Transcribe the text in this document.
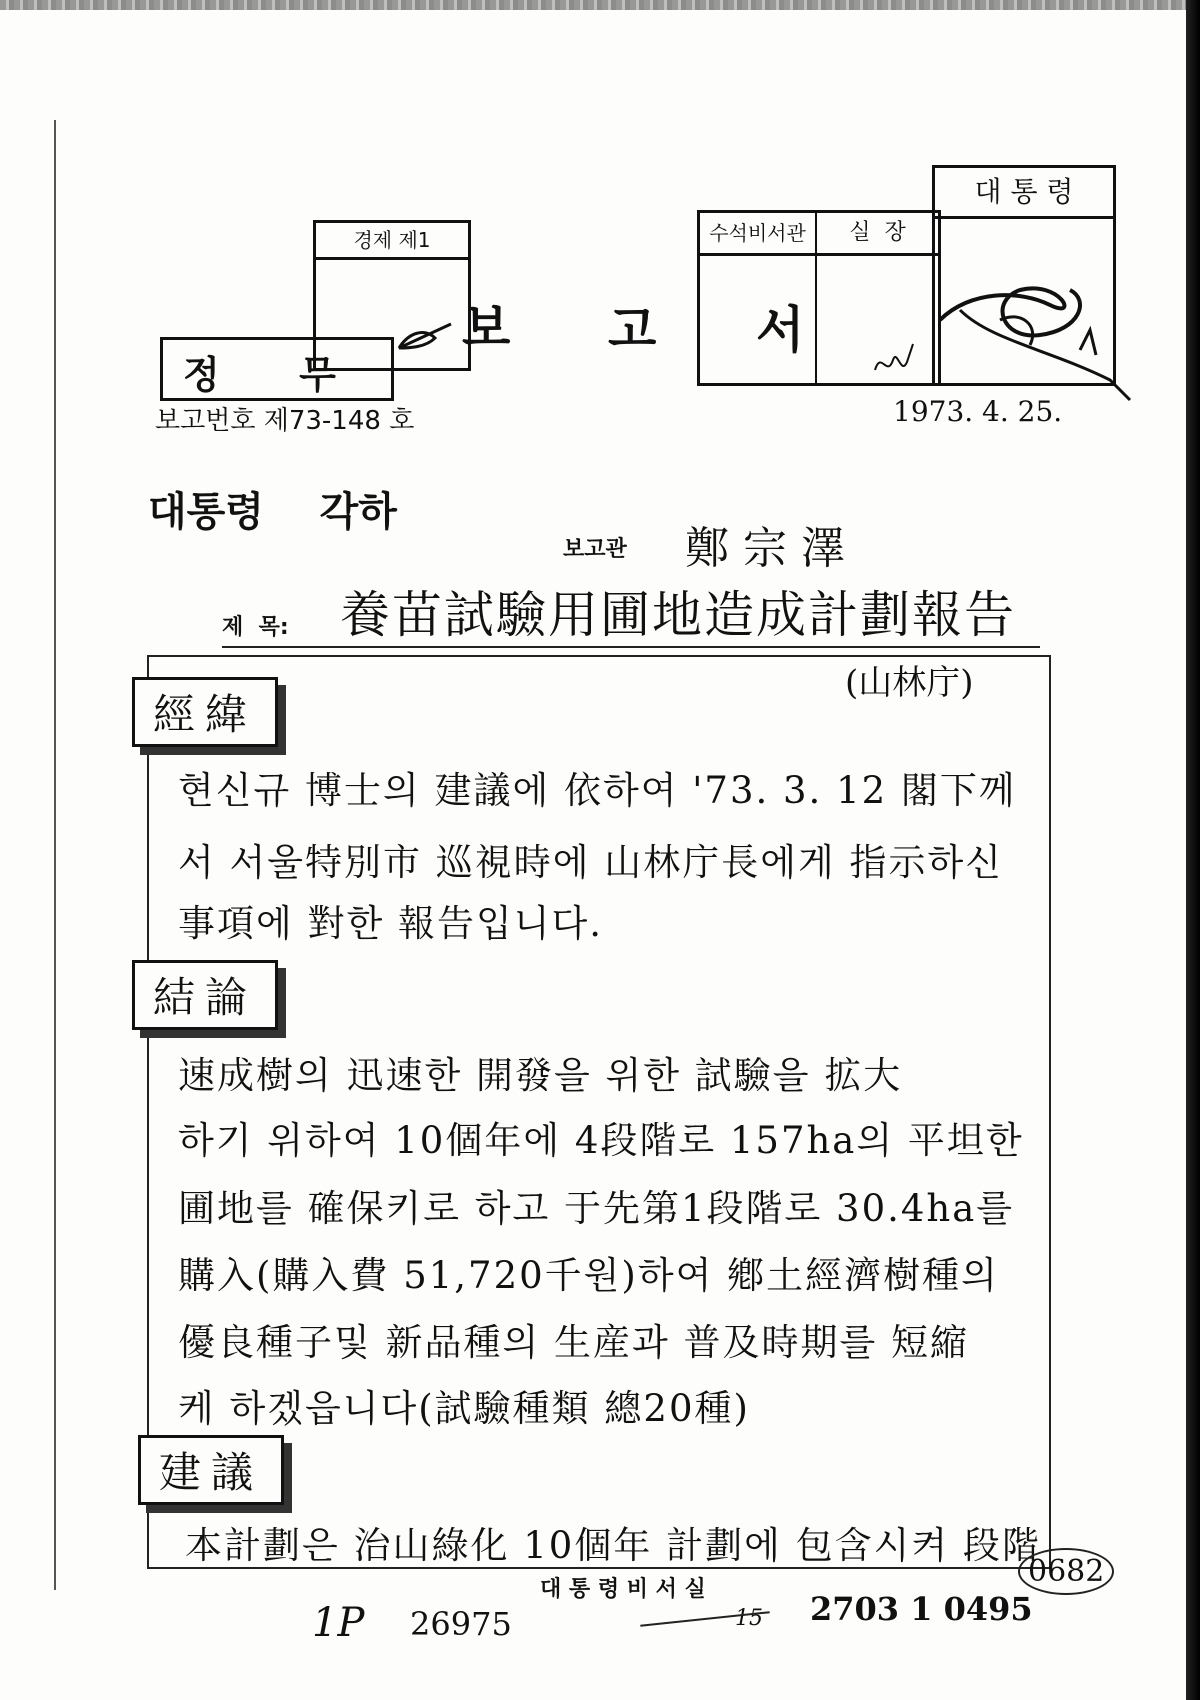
경제 제1
정      무
보 고 서
수석비서관	실  장
대 통 령
보고번호 제73-148 호	1973. 4. 25.
대통령    각하
보고관 鄭 宗 澤
제  목: 養苗試驗用圃地造成計劃報告
(山林庁)
經緯
현신규 博士의 建議에 依하여 '73. 3. 12 閣下께
서 서울特別市 巡視時에 山林庁長에게 指示하신
事項에 對한 報告입니다.
結論
速成樹의 迅速한 開發을 위한 試驗을 拡大
하기 위하여 10個年에 4段階로 157ha의 平坦한
圃地를 確保키로 하고 于先第1段階로 30.4ha를
購入(購入費 51,720千원)하여 鄕土經濟樹種의
優良種子및 新品種의 生産과 普及時期를 短縮
케 하겠읍니다(試驗種類 總20種)
建議
本計劃은 治山綠化 10個年 計劃에 包含시켜 段階
1P 26975
대 통 령 비 서 실
15 2703 1 0495
0682
